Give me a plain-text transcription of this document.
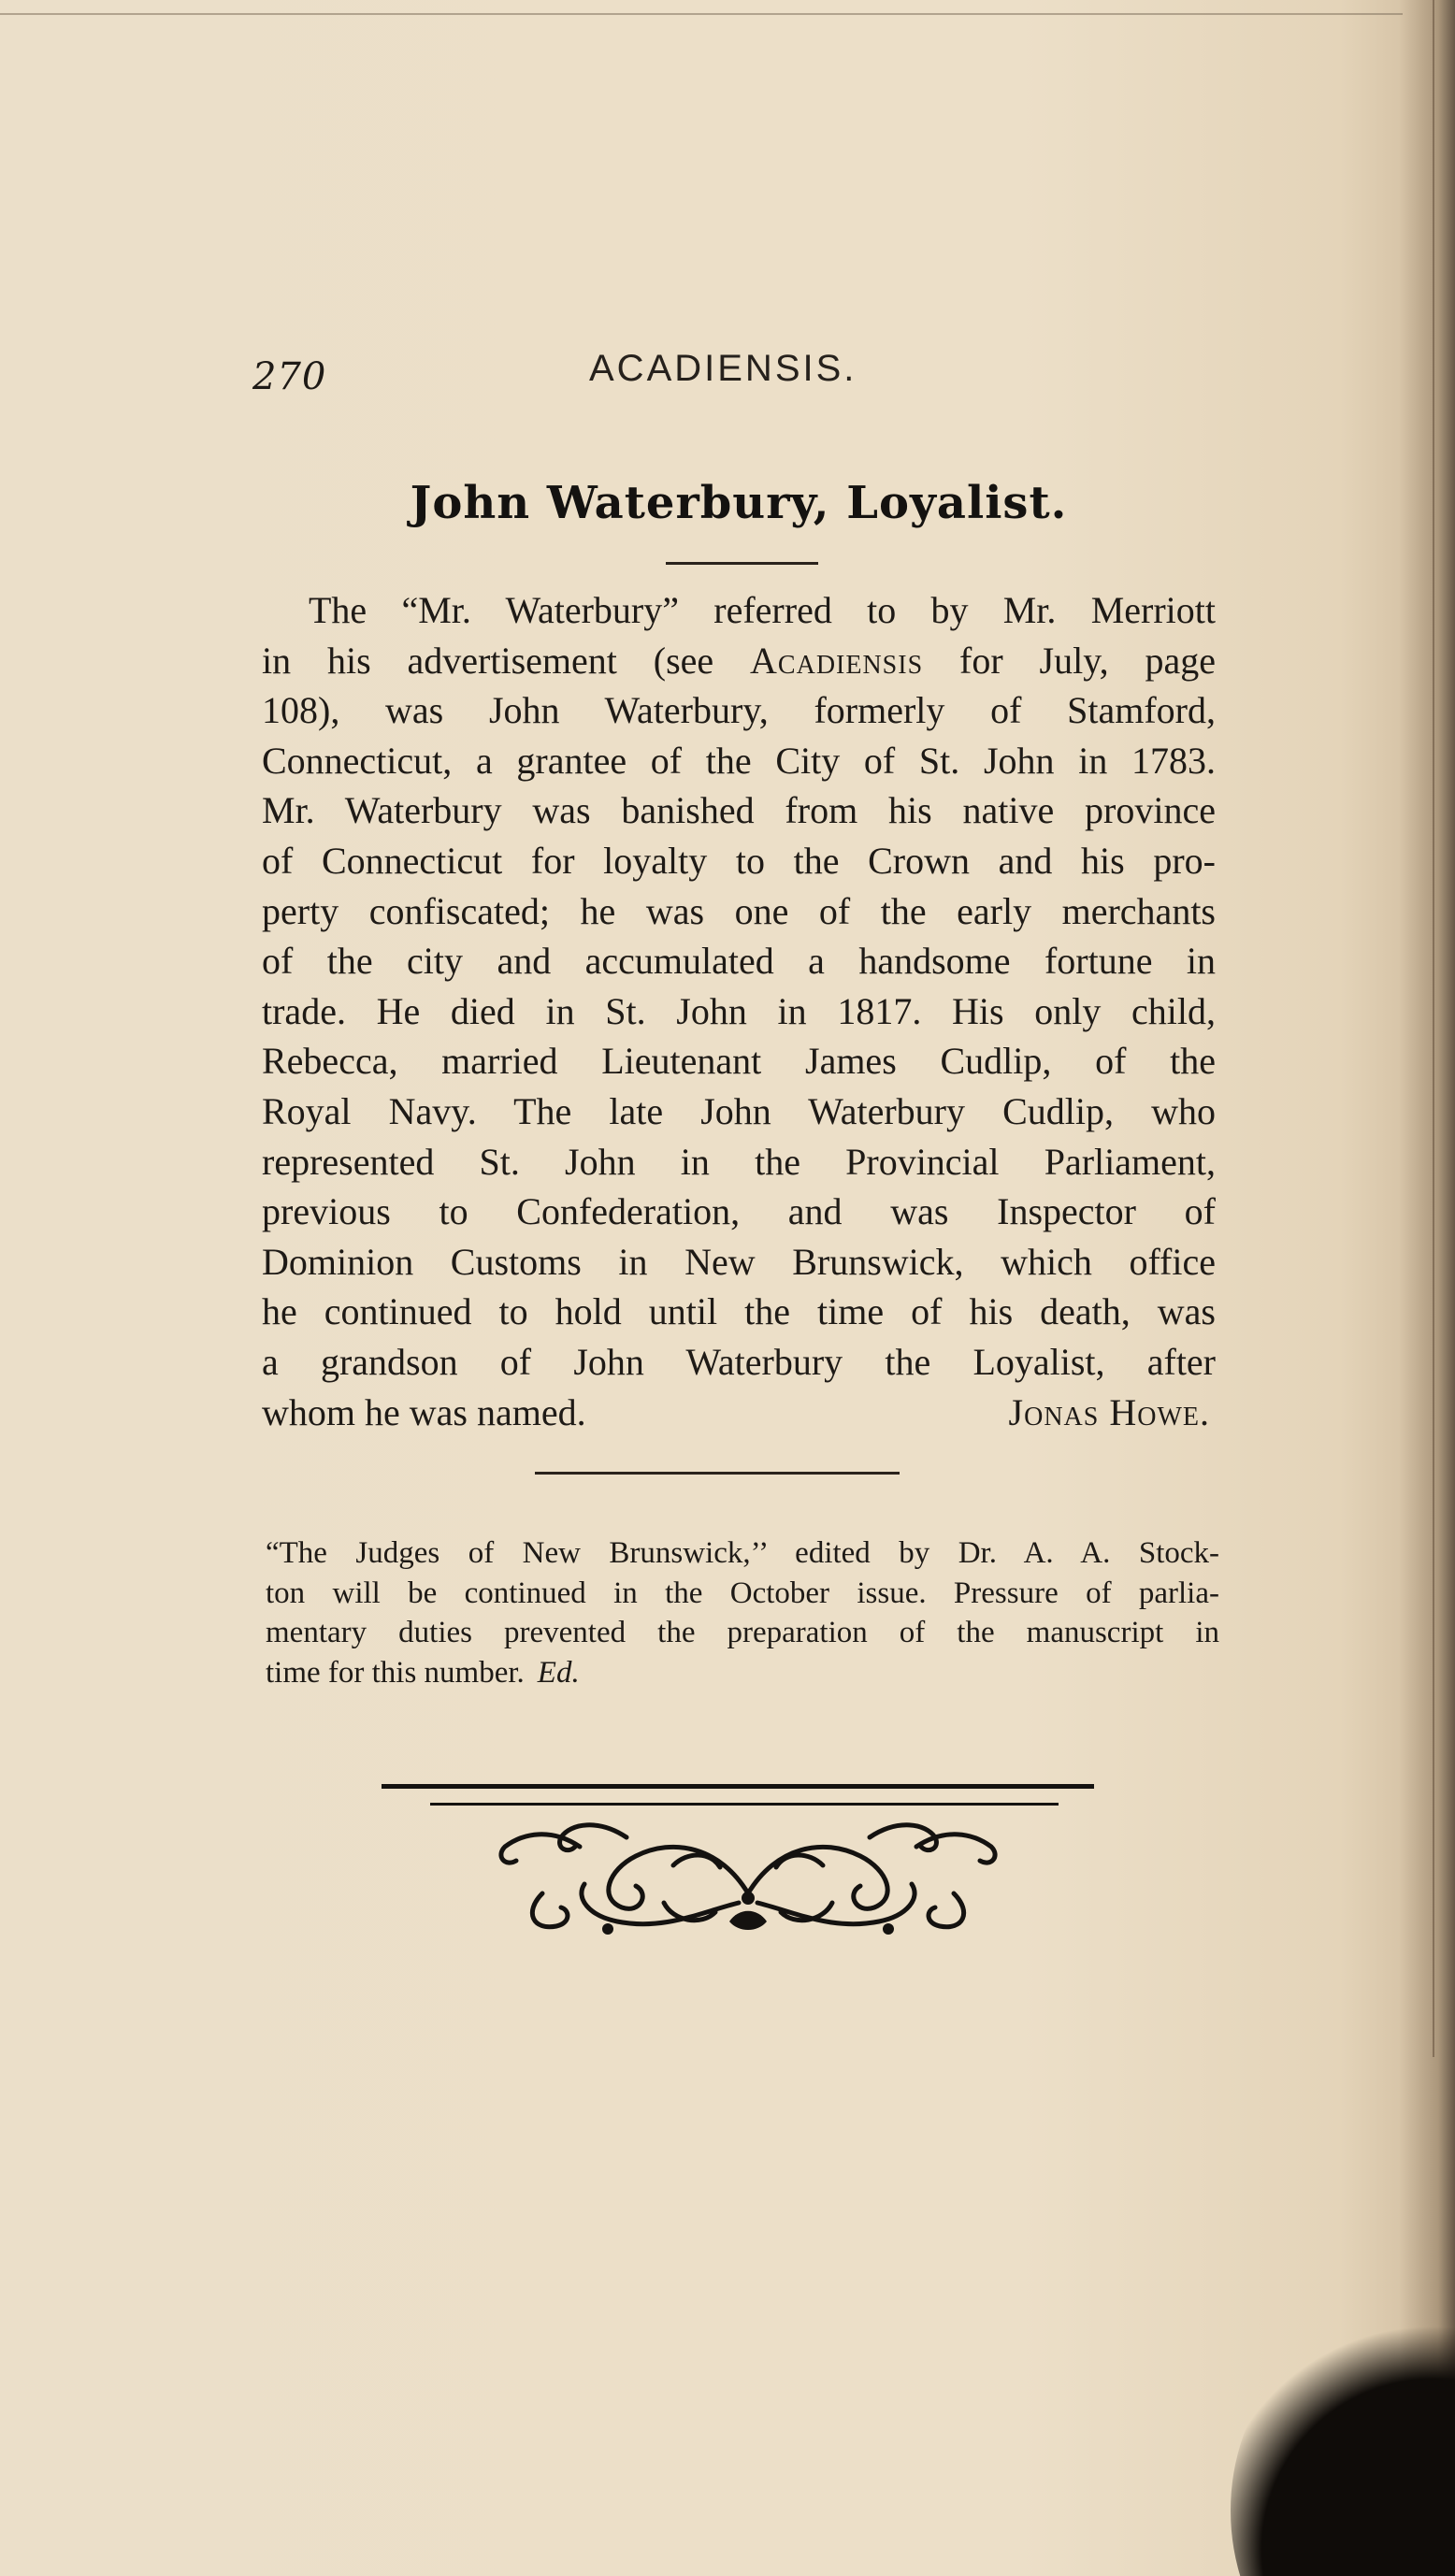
270	ACADIENSIS.
John Waterbury, Loyalist.
The “Mr. Waterbury” referred to by Mr. Merriott
in his advertisement (see Acadiensis for July, page
108), was John Waterbury, formerly of Stamford,
Connecticut, a grantee of the City of St. John in 1783.
Mr. Waterbury was banished from his native province
of Connecticut for loyalty to the Crown and his pro-
perty confiscated; he was one of the early merchants
of the city and accumulated a handsome fortune in
trade. He died in St. John in 1817. His only child,
Rebecca, married Lieutenant James Cudlip, of the
Royal Navy. The late John Waterbury Cudlip, who
represented St. John in the Provincial Parliament,
previous to Confederation, and was Inspector of
Dominion Customs in New Brunswick, which office
he continued to hold until the time of his death, was
a grandson of John Waterbury the Loyalist, after
whom he was named.	Jonas Howe.
“The Judges of New Brunswick,’’ edited by Dr. A. A. Stock-
ton will be continued in the October issue. Pressure of parlia-
mentary duties prevented the preparation of the manuscript in
time for this number. Ed.
